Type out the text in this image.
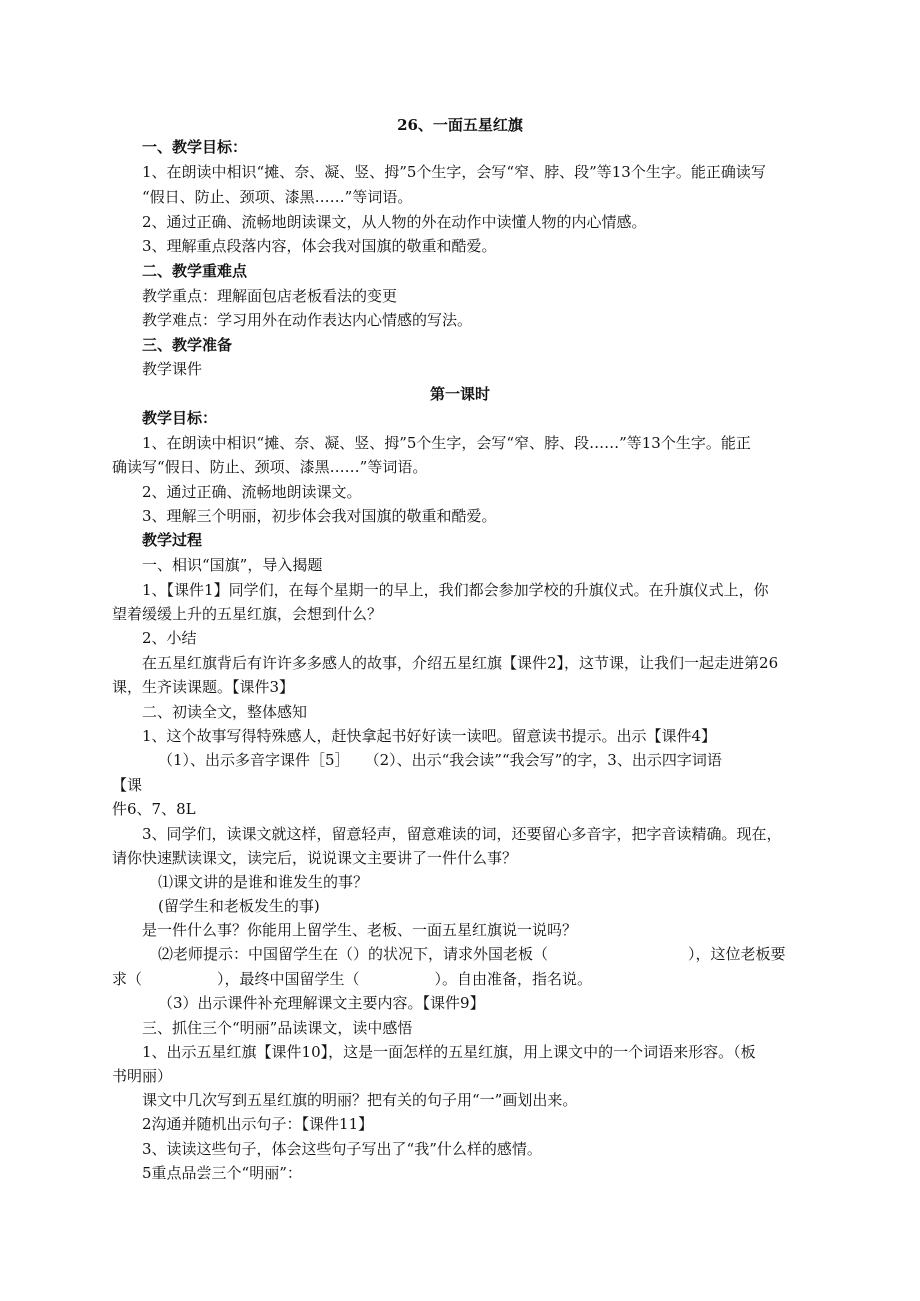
26、一面五星红旗
一、教学目标：
1、在朗读中相识“摊、奈、凝、竖、拇”5个生字，会写“窄、脖、段”等13个生字。能正确读写
“假日、防止、颈项、漆黑……”等词语。
2、通过正确、流畅地朗读课文，从人物的外在动作中读懂人物的内心情感。
3、理解重点段落内容，体会我对国旗的敬重和酷爱。
二、教学重难点
教学重点：理解面包店老板看法的变更
教学难点：学习用外在动作表达内心情感的写法。
三、教学准备
教学课件
第一课时
教学目标：
1、在朗读中相识“摊、奈、凝、竖、拇”5个生字，会写“窄、脖、段……”等13个生字。能正
确读写“假日、防止、颈项、漆黑……”等词语。
2、通过正确、流畅地朗读课文。
3、理解三个明丽，初步体会我对国旗的敬重和酷爱。
教学过程
一、相识“国旗”，导入揭题
1、【课件1】同学们，在每个星期一的早上，我们都会参加学校的升旗仪式。在升旗仪式上，你
望着缓缓上升的五星红旗，会想到什么？
2、小结
在五星红旗背后有许许多多感人的故事，介绍五星红旗【课件2】，这节课，让我们一起走进第26
课，生齐读课题。【课件3】
二、初读全文，整体感知
1、这个故事写得特殊感人，赶快拿起书好好读一读吧。留意读书提示。出示【课件4】
（1）、出示多音字课件［5］　　（2）、出示“我会读”“我会写”的字，3、出示四字词语
【课
件6、7、8L
3、同学们，读课文就这样，留意轻声，留意难读的词，还要留心多音字，把字音读精确。现在，
请你快速默读课文，读完后，说说课文主要讲了一件什么事？
⑴课文讲的是谁和谁发生的事？
(留学生和老板发生的事)
是一件什么事？你能用上留学生、老板、一面五星红旗说一说吗？
⑵老师提示：中国留学生在（）的状况下，请求外国老板（	），这位老板要
求（　　　　　），最终中国留学生（　　　　　）。自由准备，指名说。
（3）出示课件补充理解课文主要内容。【课件9】
三、抓住三个“明丽”品读课文，读中感悟
1、出示五星红旗【课件10】，这是一面怎样的五星红旗，用上课文中的一个词语来形容。（板
书明丽）
课文中几次写到五星红旗的明丽？把有关的句子用“一”画划出来。
2沟通并随机出示句子：【课件11】
3、读读这些句子，体会这些句子写出了“我”什么样的感情。
5重点品尝三个“明丽”：
